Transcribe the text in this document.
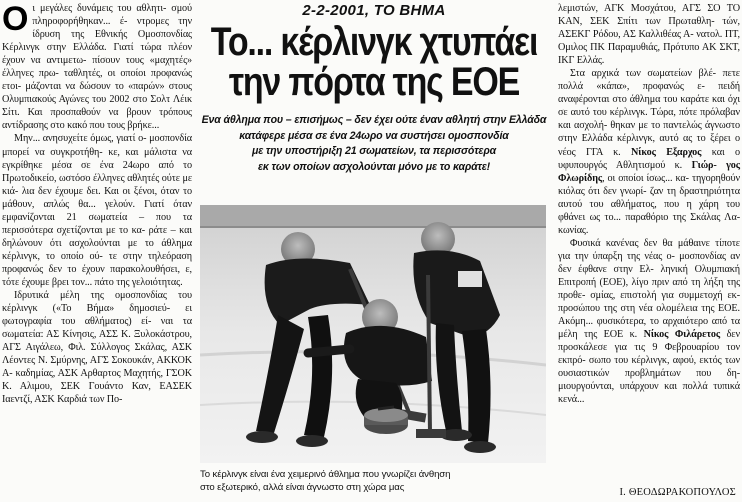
Οι μεγάλες δυνάμεις του αθλητι- σμού πληροφορήθηκαν... έ- ντρομες την ίδρυση της Εθνικής Ομοσπονδίας Κέρλινγκ στην Ελλάδα. Γιατί τώρα πλέον έχουν να αντιμετω- πίσουν τους «μαχητές» έλληνες πρω- ταθλητές, οι οποίοι προφανώς ετοι- μάζονται να δώσουν το «παρών» στους Ολυμπιακούς Αγώνες του 2002 στο Σολτ Λέικ Σίτι. Και προσπαθούν να βρουν τρόπους αντίδρασης στο κακό που τους βρήκε...

Μην... ανησυχείτε όμως, γιατί ο- μοσπονδία μπορεί να συγκροτήθη- κε, και μάλιστα να εγκρίθηκε μέσα σε ένα 24ωρο από το Πρωτοδικείο, ωστόσο έλληνες αθλητές ούτε με κιά- λια δεν έχουμε δει. Και οι ξένοι, όταν το μάθουν, απλώς θα... γελούν. Γιατί όταν εμφανίζονται 21 σωματεία – που τα περισσότερα σχετίζονται με το κα- ράτε – και δηλώνουν ότι ασχολούνται με το άθλημα κέρλινγκ, το οποίο ού- τε στην τηλεόραση προφανώς δεν το έχουν παρακολουθήσει, ε, τότε έχουμε βρει τον... πάτο της γελοιότητας.

Ιδρυτικά μέλη της ομοσπονδίας του κέρλινγκ («Το Βήμα» δημοσιεύ- ει φωτογραφία του αθλήματος) εί- ναι τα σωματεία: ΑΣ Κίνησις, ΑΣΣ Κ. Ξυλοκάστρου, ΑΓΣ Αιγάλεω, Φιλ. Σύλλογος Σκάλας, ΑΣΚ Λέοντες Ν. Σμύρνης, ΑΓΣ Σοκουκάν, ΑΚΚΟΚ Α- καδημίας, ΑΣΚ Αρθαρτος Μαχητής, ΓΣΟΚ Κ. Αλιμου, ΣΕΚ Γουάντο Καν, ΕΑΣΕΚ Ιαεντζί, ΑΣΚ Καρδιά των Πο-

2-2-2001, ΤΟ ΒΗΜΑ
Το... κέρλινγκ χτυπάει
την πόρτα της ΕΟΕ
Ενα άθλημα που – επισήμως – δεν έχει ούτε έναν αθλητή στην Ελλάδα
κατάφερε μέσα σε ένα 24ωρο να συστήσει ομοσπονδία
με την υποστήριξη 21 σωματείων, τα περισσότερα
εκ των οποίων ασχολούνται μόνο με το καράτε!
Το κέρλινγκ είναι ένα χειμερινό άθλημα που γνωρίζει άνθηση
στο εξωτερικό, αλλά είναι άγνωστο στη χώρα μας

λεμιστών, ΑΓΚ Μοσχάτου, ΑΓΣ ΣΟ ΤΟ ΚΑΝ, ΣΕΚ Σπίτι των Πρωταθλη- τών, ΑΣΕΚΓ Ρόδου, ΑΣ Καλλιθέας Α- νατολ. ΠΤ, Ομιλος ΠΚ Παραμυθιάς, Πρότυπο ΑΚ ΣΚΤ, ΙΚΓ Ελλάς.

Στα αρχικά των σωματείων βλέ- πετε πολλά «κάπα», προφανώς ε- πειδή αναφέρονται στο άθλημα του καράτε και όχι σε αυτό του κέρλινγκ. Τώρα, πότε πρόλαβαν και ασχολή- θηκαν με το παντελώς άγνωστο στην Ελλάδα κέρλινγκ, αυτό ας το ξέρει ο νέος ΓΓΑ κ. Νίκος Εξαρχος και ο υφυπουργός Αθλητισμού κ. Γιώρ- γος Φλωρίδης, οι οποίοι ίσως... κα- τηγορηθούν κιόλας ότι δεν γνωρί- ζαν τη δραστηριότητα αυτού του αθλήματος, που η χάρη του φθάνει ως το... παραθόριο της Σκάλας Λα- κωνίας.

Φυσικά κανένας δεν θα μάθαινε τίποτε για την ύπαρξη της νέας ο- μοσπονδίας αν δεν έφθανε στην Ελ- ληνική Ολυμπιακή Επιτροπή (ΕΟΕ), λίγο πριν από τη λήξη της προθε- σμίας, επιστολή για συμμετοχή εκ- προσώπου της στη νέα ολομέλεια της ΕΟΕ. Ακόμη... φυσικότερα, το αρχαιότερο από τα μέλη της ΕΟΕ κ. Νίκος Φιλάρετος δεν προσκάλεσε για τις 9 Φεβρουαρίου τον εκπρό- σωπο του κέρλινγκ, αφού, εκτός των ουσιαστικών προβλημάτων που δη- μιουργούνται, υπάρχουν και πολλά τυπικά κενά...

Ι. ΘΕΟΔΩΡΑΚΟΠΟΥΛΟΣ
